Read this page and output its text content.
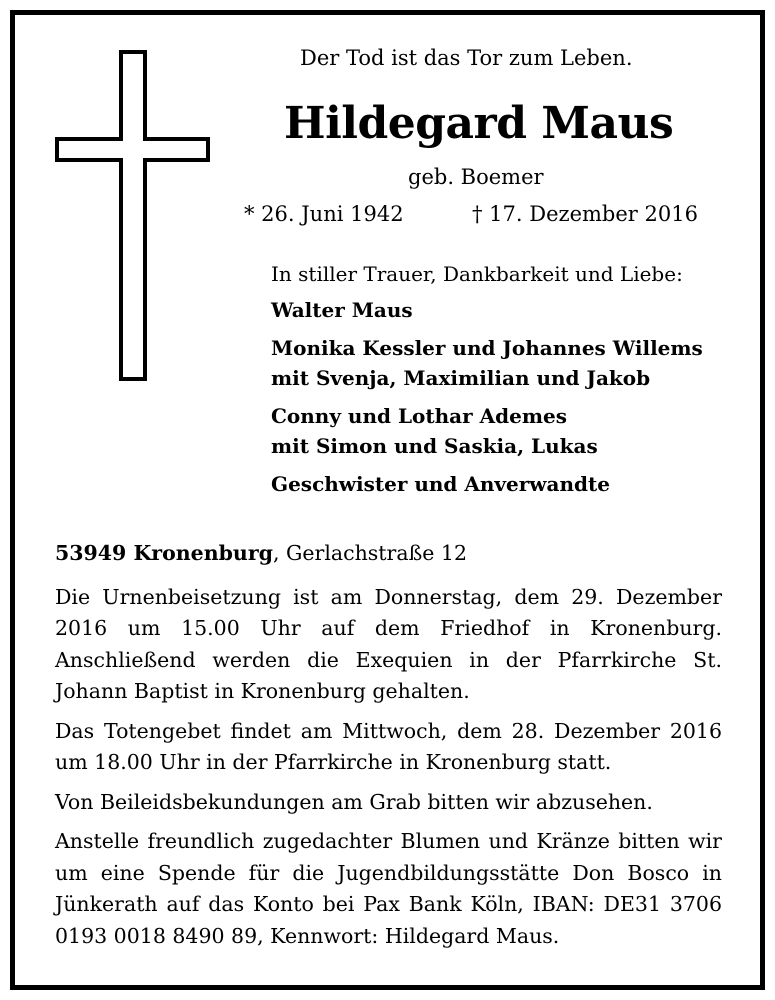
Der Tod ist das Tor zum Leben.
Hildegard Maus
geb. Boemer
* 26. Juni 1942	† 17. Dezember 2016
In stiller Trauer, Dankbarkeit und Liebe:
Walter Maus
Monika Kessler und Johannes Willems
mit Svenja, Maximilian und Jakob
Conny und Lothar Ademes
mit Simon und Saskia, Lukas
Geschwister und Anverwandte

53949 Kronenburg, Gerlachstraße 12

Die Urnenbeisetzung ist am Donnerstag, dem 29. Dezember 2016 um 15.00 Uhr auf dem Friedhof in Kronenburg. Anschließend werden die Exequien in der Pfarrkirche St. Johann Baptist in Kronenburg gehalten.

Das Totengebet findet am Mittwoch, dem 28. Dezember 2016 um 18.00 Uhr in der Pfarrkirche in Kronenburg statt.

Von Beileidsbekundungen am Grab bitten wir abzusehen.

Anstelle freundlich zugedachter Blumen und Kränze bitten wir um eine Spende für die Jugendbildungsstätte Don Bosco in Jünkerath auf das Konto bei Pax Bank Köln, IBAN: DE31 3706 0193 0018 8490 89, Kennwort: Hildegard Maus.
